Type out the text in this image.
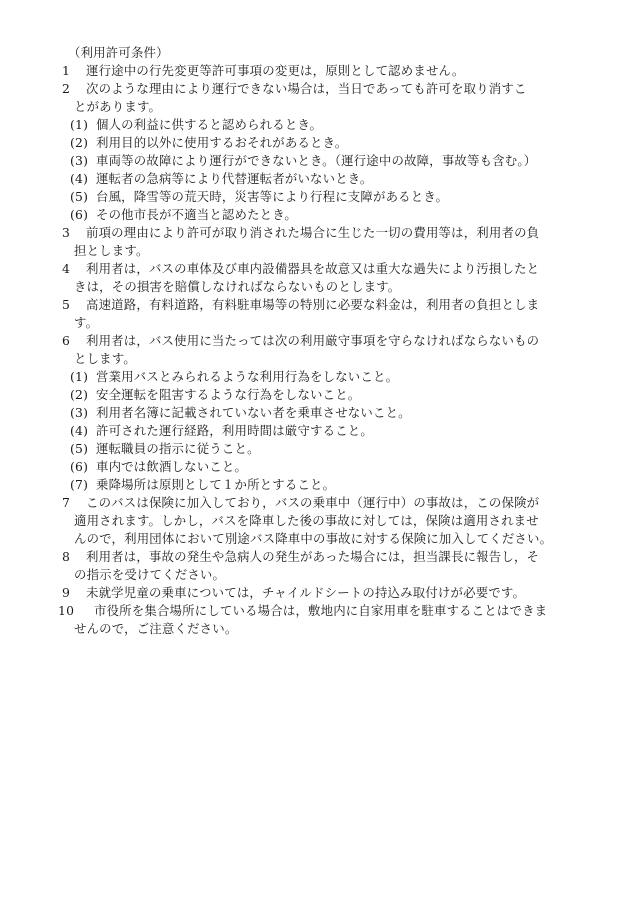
（利用許可条件）
1 運行途中の行先変更等許可事項の変更は，原則として認めません。
2 次のような理由により運行できない場合は，当日であっても許可を取り消すこ
とがあります。
(1) 個人の利益に供すると認められるとき。
(2) 利用目的以外に使用するおそれがあるとき。
(3) 車両等の故障により運行ができないとき。（運行途中の故障，事故等も含む。）
(4) 運転者の急病等により代替運転者がいないとき。
(5) 台風，降雪等の荒天時，災害等により行程に支障があるとき。
(6) その他市長が不適当と認めたとき。
3 前項の理由により許可が取り消された場合に生じた一切の費用等は，利用者の負
担とします。
4 利用者は，バスの車体及び車内設備器具を故意又は重大な過失により汚損したと
きは，その損害を賠償しなければならないものとします。
5 高速道路，有料道路，有料駐車場等の特別に必要な料金は，利用者の負担としま
す。
6 利用者は，バス使用に当たっては次の利用厳守事項を守らなければならないもの
とします。
(1) 営業用バスとみられるような利用行為をしないこと。
(2) 安全運転を阻害するような行為をしないこと。
(3) 利用者名簿に記載されていない者を乗車させないこと。
(4) 許可された運行経路，利用時間は厳守すること。
(5) 運転職員の指示に従うこと。
(6) 車内では飲酒しないこと。
(7) 乗降場所は原則として１か所とすること。
7 このバスは保険に加入しており，バスの乗車中（運行中）の事故は，この保険が
適用されます。しかし，バスを降車した後の事故に対しては，保険は適用されませ
んので，利用団体において別途バス降車中の事故に対する保険に加入してください。
8 利用者は，事故の発生や急病人の発生があった場合には，担当課長に報告し，そ
の指示を受けてください。
9 未就学児童の乗車については，チャイルドシートの持込み取付けが必要です。
10 市役所を集合場所にしている場合は，敷地内に自家用車を駐車することはできま
せんので，ご注意ください。
